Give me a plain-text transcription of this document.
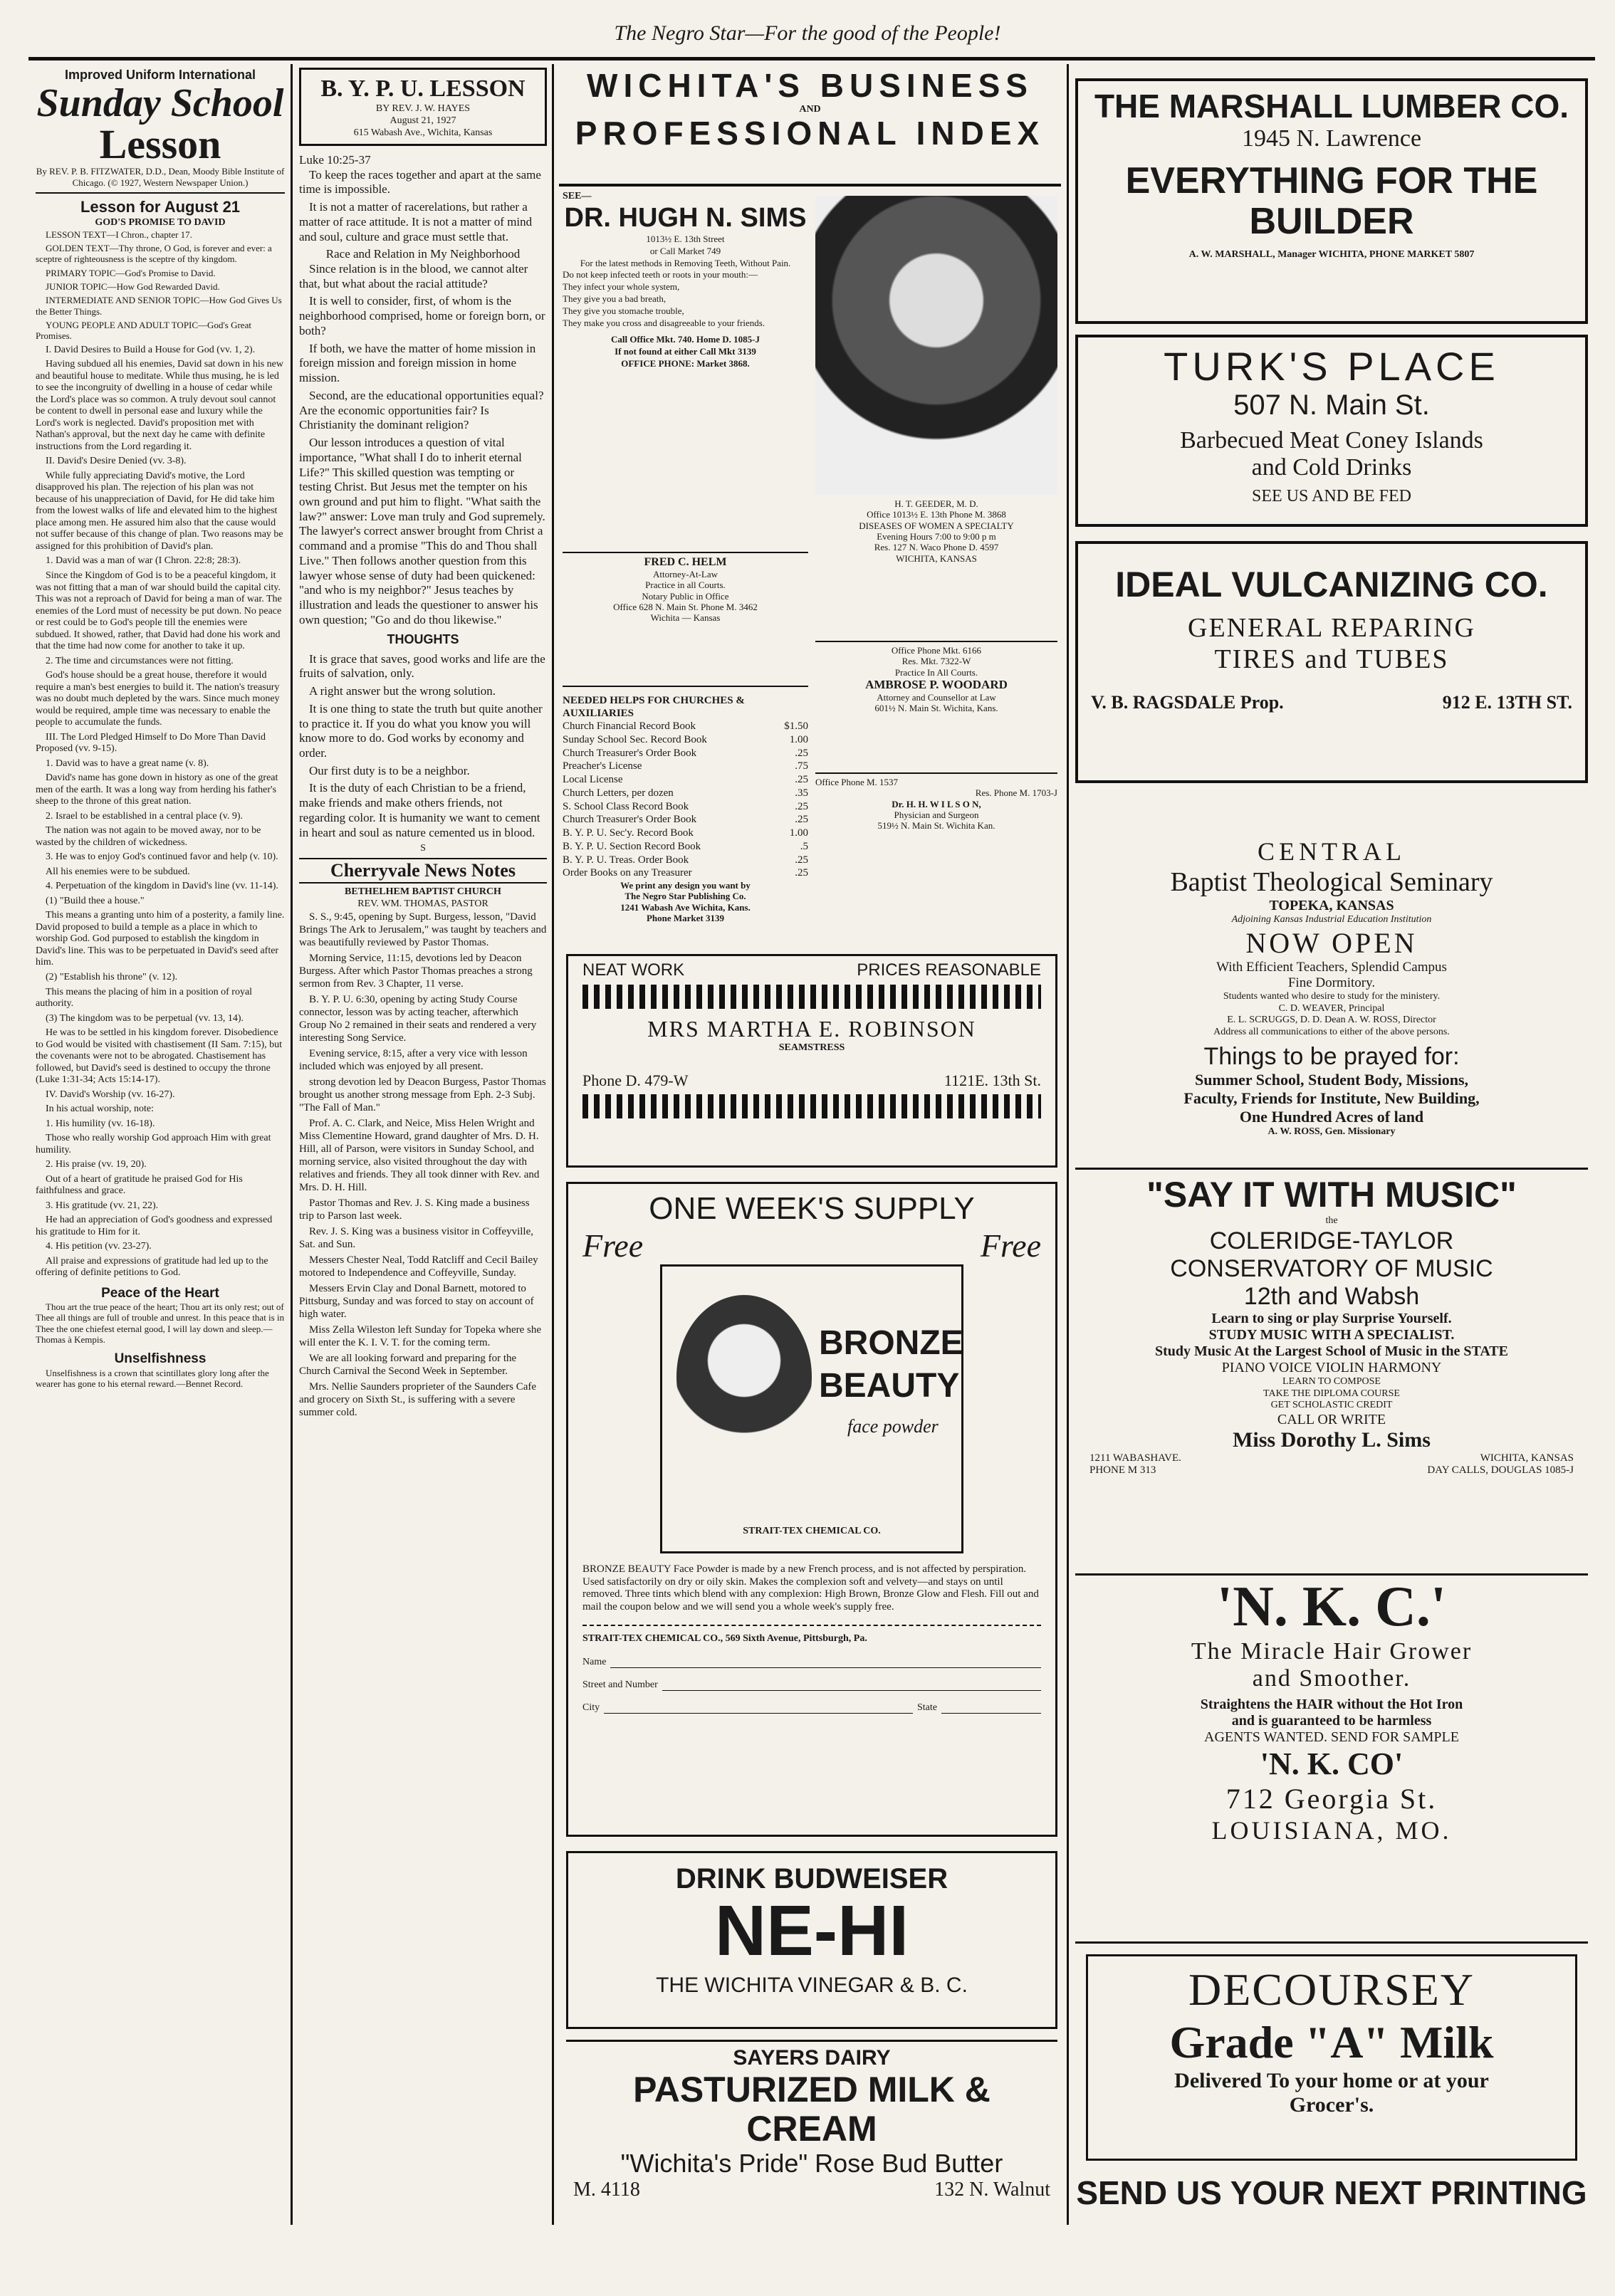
The Negro Star—For the good of the People!
Improved Uniform International
Sunday School
Lesson
By REV. P. B. FITZWATER, D.D., Dean, Moody Bible Institute of Chicago. (© 1927, Western Newspaper Union.)
Lesson for August 21
GOD'S PROMISE TO DAVID

LESSON TEXT—I Chron., chapter 17.

GOLDEN TEXT—Thy throne, O God, is forever and ever: a sceptre of righteousness is the sceptre of thy kingdom.

PRIMARY TOPIC—God's Promise to David.

JUNIOR TOPIC—How God Rewarded David.

INTERMEDIATE AND SENIOR TOPIC—How God Gives Us the Better Things.

YOUNG PEOPLE AND ADULT TOPIC—God's Great Promises.

I. David Desires to Build a House for God (vv. 1, 2).

Having subdued all his enemies, David sat down in his new and beautiful house to meditate. While thus musing, he is led to see the incongruity of dwelling in a house of cedar while the Lord's place was so common. A truly devout soul cannot be content to dwell in personal ease and luxury while the Lord's work is neglected. David's proposition met with Nathan's approval, but the next day he came with definite instructions from the Lord regarding it.

II. David's Desire Denied (vv. 3-8).

While fully appreciating David's motive, the Lord disapproved his plan. The rejection of his plan was not because of his unappreciation of David, for He did take him from the lowest walks of life and elevated him to the highest place among men. He assured him also that the cause would not suffer because of this change of plan. Two reasons may be assigned for this prohibition of David's plan.

1. David was a man of war (I Chron. 22:8; 28:3).

Since the Kingdom of God is to be a peaceful kingdom, it was not fitting that a man of war should build the capital city. This was not a reproach of David for being a man of war. The enemies of the Lord must of necessity be put down. No peace or rest could be to God's people till the enemies were subdued. It showed, rather, that David had done his work and that the time had now come for another to take it up.

2. The time and circumstances were not fitting.

God's house should be a great house, therefore it would require a man's best energies to build it. The nation's treasury was no doubt much depleted by the wars. Since much money would be required, ample time was necessary to enable the people to accumulate the funds.

III. The Lord Pledged Himself to Do More Than David Proposed (vv. 9-15).

1. David was to have a great name (v. 8).

David's name has gone down in history as one of the great men of the earth. It was a long way from herding his father's sheep to the throne of this great nation.

2. Israel to be established in a central place (v. 9).

The nation was not again to be moved away, nor to be wasted by the children of wickedness.

3. He was to enjoy God's continued favor and help (v. 10).

All his enemies were to be subdued.

4. Perpetuation of the kingdom in David's line (vv. 11-14).

(1) "Build thee a house."

This means a granting unto him of a posterity, a family line. David proposed to build a temple as a place in which to worship God. God purposed to establish the kingdom in David's line. This was to be perpetuated in David's seed after him.

(2) "Establish his throne" (v. 12).

This means the placing of him in a position of royal authority.

(3) The kingdom was to be perpetual (vv. 13, 14).

He was to be settled in his kingdom forever. Disobedience to God would be visited with chastisement (II Sam. 7:15), but the covenants were not to be abrogated. Chastisement has followed, but David's seed is destined to occupy the throne (Luke 1:31-34; Acts 15:14-17).

IV. David's Worship (vv. 16-27).

In his actual worship, note:

1. His humility (vv. 16-18).

Those who really worship God approach Him with great humility.

2. His praise (vv. 19, 20).

Out of a heart of gratitude he praised God for His faithfulness and grace.

3. His gratitude (vv. 21, 22).

He had an appreciation of God's goodness and expressed his gratitude to Him for it.

4. His petition (vv. 23-27).

All praise and expressions of gratitude had led up to the offering of definite petitions to God.

Peace of the Heart

Thou art the true peace of the heart; Thou art its only rest; out of Thee all things are full of trouble and unrest. In this peace that is in Thee the one chiefest eternal good, I will lay down and sleep.—Thomas à Kempis.

Unselfishness

Unselfishness is a crown that scintillates glory long after the wearer has gone to his eternal reward.—Bennet Record.

B. Y. P. U. LESSON
BY REV. J. W. HAYES
August 21, 1927
615 Wabash Ave., Wichita, Kansas
Luke 10:25-37

To keep the races together and apart at the same time is impossible.

It is not a matter of racerelations, but rather a matter of race attitude. It is not a matter of mind and soul, culture and grace must settle that.

Race and Relation in My Neighborhood

Since relation is in the blood, we cannot alter that, but what about the racial attitude?

It is well to consider, first, of whom is the neighborhood comprised, home or foreign born, or both?

If both, we have the matter of home mission in foreign mission and foreign mission in home mission.

Second, are the educational opportunities equal? Are the economic opportunities fair? Is Christianity the dominant religion?

Our lesson introduces a question of vital importance, "What shall I do to inherit eternal Life?" This skilled question was tempting or testing Christ. But Jesus met the tempter on his own ground and put him to flight. "What saith the law?" answer: Love man truly and God supremely. The lawyer's correct answer brought from Christ a command and a promise "This do and Thou shall Live." Then follows another question from this lawyer whose sense of duty had been quickened: "and who is my neighbor?" Jesus teaches by illustration and leads the questioner to answer his own question; "Go and do thou likewise."

THOUGHTS

It is grace that saves, good works and life are the fruits of salvation, only.

A right answer but the wrong solution.

It is one thing to state the truth but quite another to practice it. If you do what you know you will know more to do. God works by economy and order.

Our first duty is to be a neighbor.

It is the duty of each Christian to be a friend, make friends and make others friends, not regarding color. It is humanity we want to cement in heart and soul as nature cemented us in blood.

S
Cherryvale News Notes
BETHELHEM BAPTIST CHURCH
REV. WM. THOMAS, PASTOR

S. S., 9:45, opening by Supt. Burgess, lesson, "David Brings The Ark to Jerusalem," was taught by teachers and was beautifully reviewed by Pastor Thomas.

Morning Service, 11:15, devotions led by Deacon Burgess. After which Pastor Thomas preaches a strong sermon from Rev. 3 Chapter, 11 verse.

B. Y. P. U. 6:30, opening by acting Study Course connector, lesson was by acting teacher, afterwhich Group No 2 remained in their seats and rendered a very interesting Song Service.

Evening service, 8:15, after a very vice with lesson included which was enjoyed by all present.

strong devotion led by Deacon Burgess, Pastor Thomas brought us another strong message from Eph. 2-3 Subj. "The Fall of Man."

Prof. A. C. Clark, and Neice, Miss Helen Wright and Miss Clementine Howard, grand daughter of Mrs. D. H. Hill, all of Parson, were visitors in Sunday School, and morning service, also visited throughout the day with relatives and friends. They all took dinner with Rev. and Mrs. D. H. Hill.

Pastor Thomas and Rev. J. S. King made a business trip to Parson last week.

Rev. J. S. King was a business visitor in Coffeyville, Sat. and Sun.

Messers Chester Neal, Todd Ratcliff and Cecil Bailey motored to Independence and Coffeyville, Sunday.

Messers Ervin Clay and Donal Barnett, motored to Pittsburg, Sunday and was forced to stay on account of high water.

Miss Zella Wileston left Sunday for Topeka where she will enter the K. I. V. T. for the coming term.

We are all looking forward and preparing for the Church Carnival the Second Week in September.

Mrs. Nellie Saunders proprieter of the Saunders Cafe and grocery on Sixth St., is suffering with a severe summer cold.

WICHITA'S BUSINESS
AND
PROFESSIONAL INDEX
SEE—
DR. HUGH N. SIMS
1013½ E. 13th Street
or Call Market 749
For the latest methods in Removing Teeth, Without Pain.
Do not keep infected teeth or roots in your mouth:—
They infect your whole system,
They give you a bad breath,
They give you stomache trouble,
They make you cross and disagreeable to your friends.
Call Office Mkt. 740. Home D. 1085-J
If not found at either Call Mkt 3139
OFFICE PHONE: Market 3868.
FRED C. HELM
Attorney-At-Law
Practice in all Courts.
Notary Public in Office
Office 628 N. Main St. Phone M. 3462
Wichita — Kansas
H. T. GEEDER, M. D.
Office 1013½ E. 13th Phone M. 3868
DISEASES OF WOMEN A SPECIALTY
Evening Hours 7:00 to 9:00 p m
Res. 127 N. Waco Phone D. 4597
WICHITA, KANSAS
NEEDED HELPS FOR CHURCHES & AUXILIARIES
Church Financial Record Book	$1.50
Sunday School Sec. Record Book	1.00
Church Treasurer's Order Book	.25
Preacher's License	.75
Local License	.25
Church Letters, per dozen	.35
S. School Class Record Book	.25
Church Treasurer's Order Book	.25
B. Y. P. U. Sec'y. Record Book	1.00
B. Y. P. U. Section Record Book	.5
B. Y. P. U. Treas. Order Book	.25
Order Books on any Treasurer	.25
We print any design you want by
The Negro Star Publishing Co.
1241 Wabash Ave Wichita, Kans.
Phone Market 3139
Office Phone Mkt. 6166
Res. Mkt. 7322-W
Practice In All Courts.
AMBROSE P. WOODARD
Attorney and Counsellor at Law
601½ N. Main St. Wichita, Kans.
Office Phone M. 1537
Res. Phone M. 1703-J
Dr. H. H. W I L S O N,
Physician and Surgeon
519½ N. Main St. Wichita Kan.
NEAT WORK	PRICES REASONABLE
MRS MARTHA E. ROBINSON
SEAMSTRESS
Phone D. 479-W	1121E. 13th St.
ONE WEEK'S SUPPLY
Free	Free
BRONZE
BEAUTY
face powder
STRAIT-TEX CHEMICAL CO.

BRONZE BEAUTY Face Powder is made by a new French process, and is not affected by perspiration. Used satisfactorily on dry or oily skin. Makes the complexion soft and velvety—and stays on until removed. Three tints which blend with any complexion: High Brown, Bronze Glow and Flesh. Fill out and mail the coupon below and we will send you a whole week's supply free.

STRAIT-TEX CHEMICAL CO., 569 Sixth Avenue, Pittsburgh, Pa.
Name
Street and Number
City	State
DRINK BUDWEISER
NE-HI
THE WICHITA VINEGAR & B. C.
SAYERS DAIRY
PASTURIZED MILK & CREAM
"Wichita's Pride" Rose Bud Butter
M. 4118	132 N. Walnut
THE MARSHALL LUMBER CO.
1945 N. Lawrence
EVERYTHING FOR THE
BUILDER
A. W. MARSHALL, Manager WICHITA, PHONE MARKET 5807
TURK'S PLACE
507 N. Main St.
Barbecued Meat Coney Islands
and Cold Drinks
SEE US AND BE FED
IDEAL VULCANIZING CO.
GENERAL REPARING
TIRES and TUBES
V. B. RAGSDALE Prop.	912 E. 13TH ST.
CENTRAL
Baptist Theological Seminary
TOPEKA, KANSAS
Adjoining Kansas Industrial Education Institution
NOW OPEN
With Efficient Teachers, Splendid Campus
Fine Dormitory.
Students wanted who desire to study for the ministery.
C. D. WEAVER, Principal
E. L. SCRUGGS, D. D. Dean A. W. ROSS, Director
Address all communications to either of the above persons.
Things to be prayed for:
Summer School, Student Body, Missions,
Faculty, Friends for Institute, New Building,
One Hundred Acres of land
A. W. ROSS, Gen. Missionary
"SAY IT WITH MUSIC"
the
COLERIDGE-TAYLOR
CONSERVATORY OF MUSIC
12th and Wabsh
Learn to sing or play Surprise Yourself.
STUDY MUSIC WITH A SPECIALIST.
Study Music At the Largest School of Music in the STATE
PIANO VOICE VIOLIN HARMONY
LEARN TO COMPOSE
TAKE THE DIPLOMA COURSE
GET SCHOLASTIC CREDIT
CALL OR WRITE
Miss Dorothy L. Sims
1211 WABASHAVE.	WICHITA, KANSAS
PHONE M 313	DAY CALLS, DOUGLAS 1085-J
'N. K. C.'
The Miracle Hair Grower
and Smoother.
Straightens the HAIR without the Hot Iron
and is guaranteed to be harmless
AGENTS WANTED. SEND FOR SAMPLE
'N. K. CO'
712 Georgia St.
LOUISIANA, MO.
DECOURSEY
Grade "A" Milk
Delivered To your home or at your
Grocer's.
SEND US YOUR NEXT PRINTING
